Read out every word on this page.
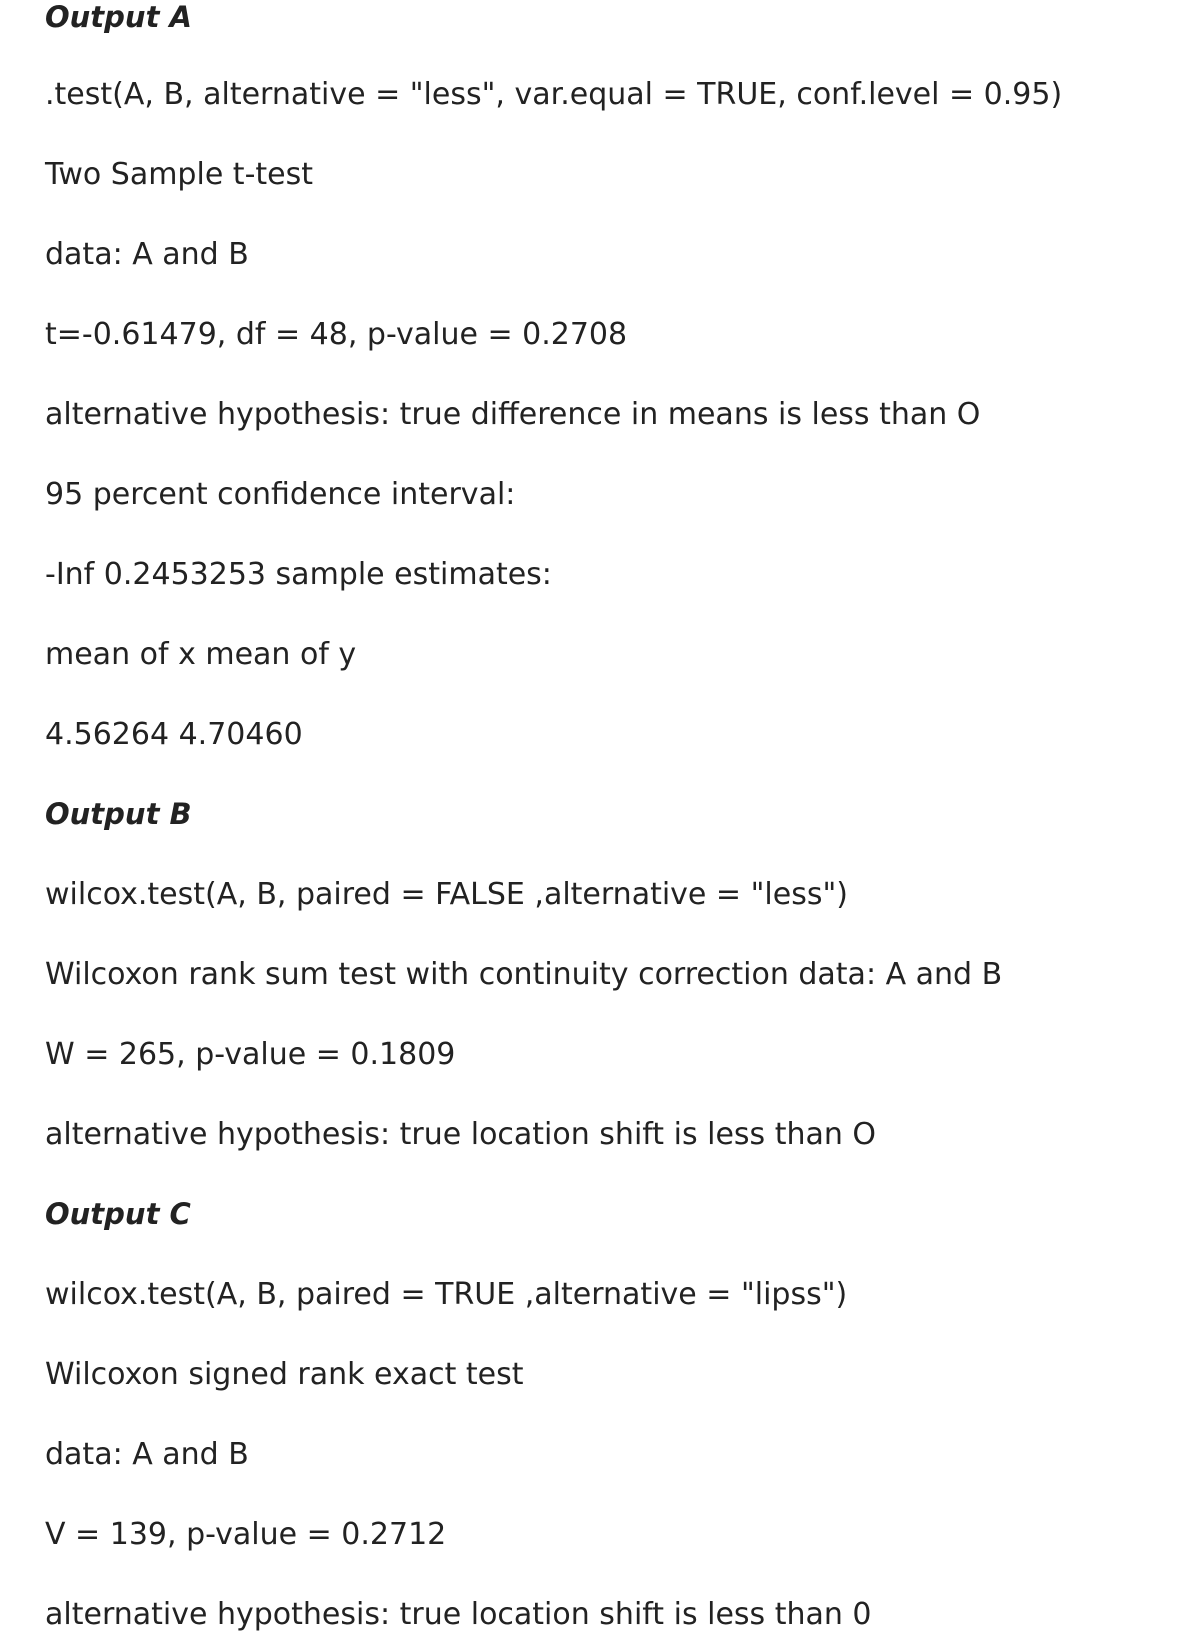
Output A
.test(A, B, alternative = "less", var.equal = TRUE, conf.level = 0.95)
Two Sample t-test
data: A and B
t=-0.61479, df = 48, p-value = 0.2708
alternative hypothesis: true difference in means is less than O
95 percent confidence interval:
-Inf 0.2453253 sample estimates:
mean of x mean of y
4.56264 4.70460
Output B
wilcox.test(A, B, paired = FALSE ,alternative = "less")
Wilcoxon rank sum test with continuity correction data: A and B
W = 265, p-value = 0.1809
alternative hypothesis: true location shift is less than O
Output C
wilcox.test(A, B, paired = TRUE ,alternative = "lipss")
Wilcoxon signed rank exact test
data: A and B
V = 139, p-value = 0.2712
alternative hypothesis: true location shift is less than 0
